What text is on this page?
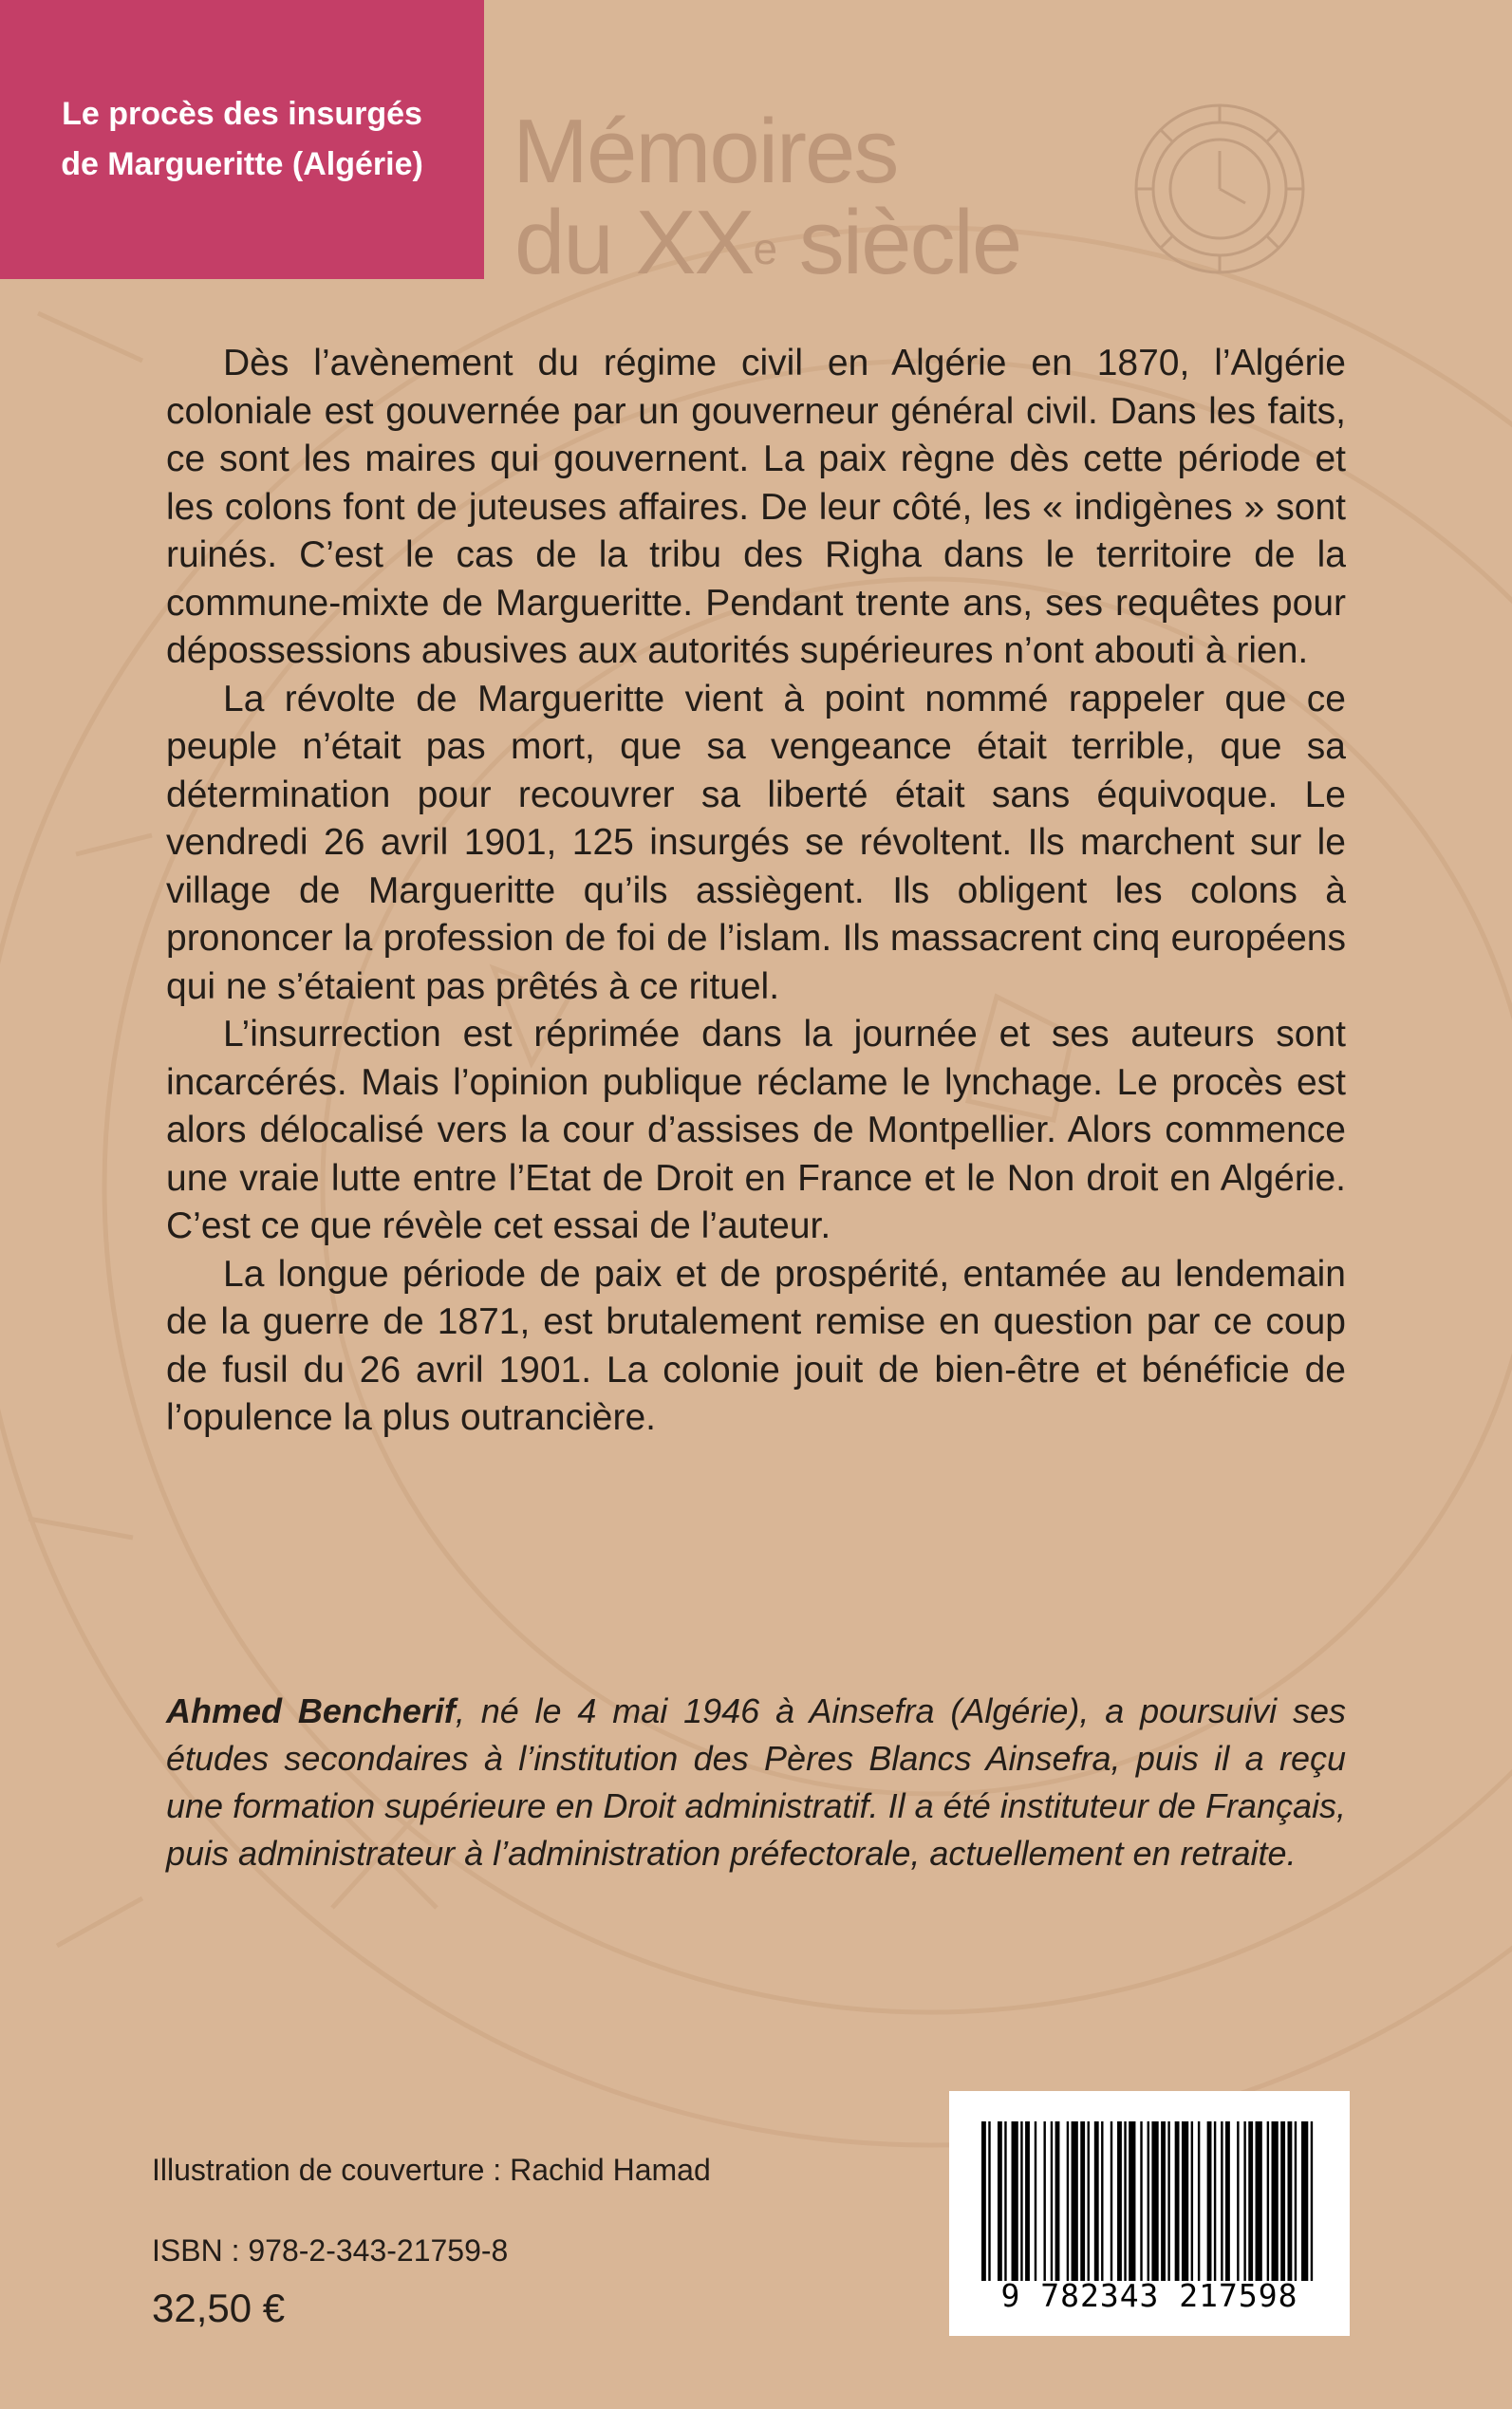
Le procès des insurgés
de Margueritte (Algérie) Mémoires
du XXe siècle

Dès l’avènement du régime civil en Algérie en 1870, l’Algérie coloniale est gouvernée par un gouverneur général civil. Dans les faits, ce sont les maires qui gouvernent. La paix règne dès cette période et les colons font de juteuses affaires. De leur côté, les « indigènes » sont ruinés. C’est le cas de la tribu des Righa dans le territoire de la commune-mixte de Margueritte. Pendant trente ans, ses requêtes pour dépossessions abusives aux autorités supérieures n’ont abouti à rien.

La révolte de Margueritte vient à point nommé rappeler que ce peuple n’était pas mort, que sa vengeance était terrible, que sa détermination pour recouvrer sa liberté était sans équivoque. Le vendredi 26 avril 1901, 125 insurgés se révoltent. Ils marchent sur le village de Margueritte qu’ils assiègent. Ils obligent les colons à prononcer la profession de foi de l’islam. Ils massacrent cinq européens qui ne s’étaient pas prêtés à ce rituel.

L’insurrection est réprimée dans la journée et ses auteurs sont incarcérés. Mais l’opinion publique réclame le lynchage. Le procès est alors délocalisé vers la cour d’assises de Montpellier. Alors commence une vraie lutte entre l’Etat de Droit en France et le Non droit en Algérie. C’est ce que révèle cet essai de l’auteur.

La longue période de paix et de prospérité, entamée au lendemain de la guerre de 1871, est brutalement remise en question par ce coup de fusil du 26 avril 1901. La colonie jouit de bien-être et bénéficie de l’opulence la plus outrancière.

Ahmed Bencherif, né le 4 mai 1946 à Ainsefra (Algérie), a poursuivi ses études secondaires à l’institution des Pères Blancs Ainsefra, puis il a reçu une formation supérieure en Droit administratif. Il a été instituteur de Français, puis administrateur à l’administration préfectorale, actuellement en retraite.

Illustration de couverture : Rachid Hamad
ISBN : 978-2-343-21759-8
32,50 €	9 782343 217598
